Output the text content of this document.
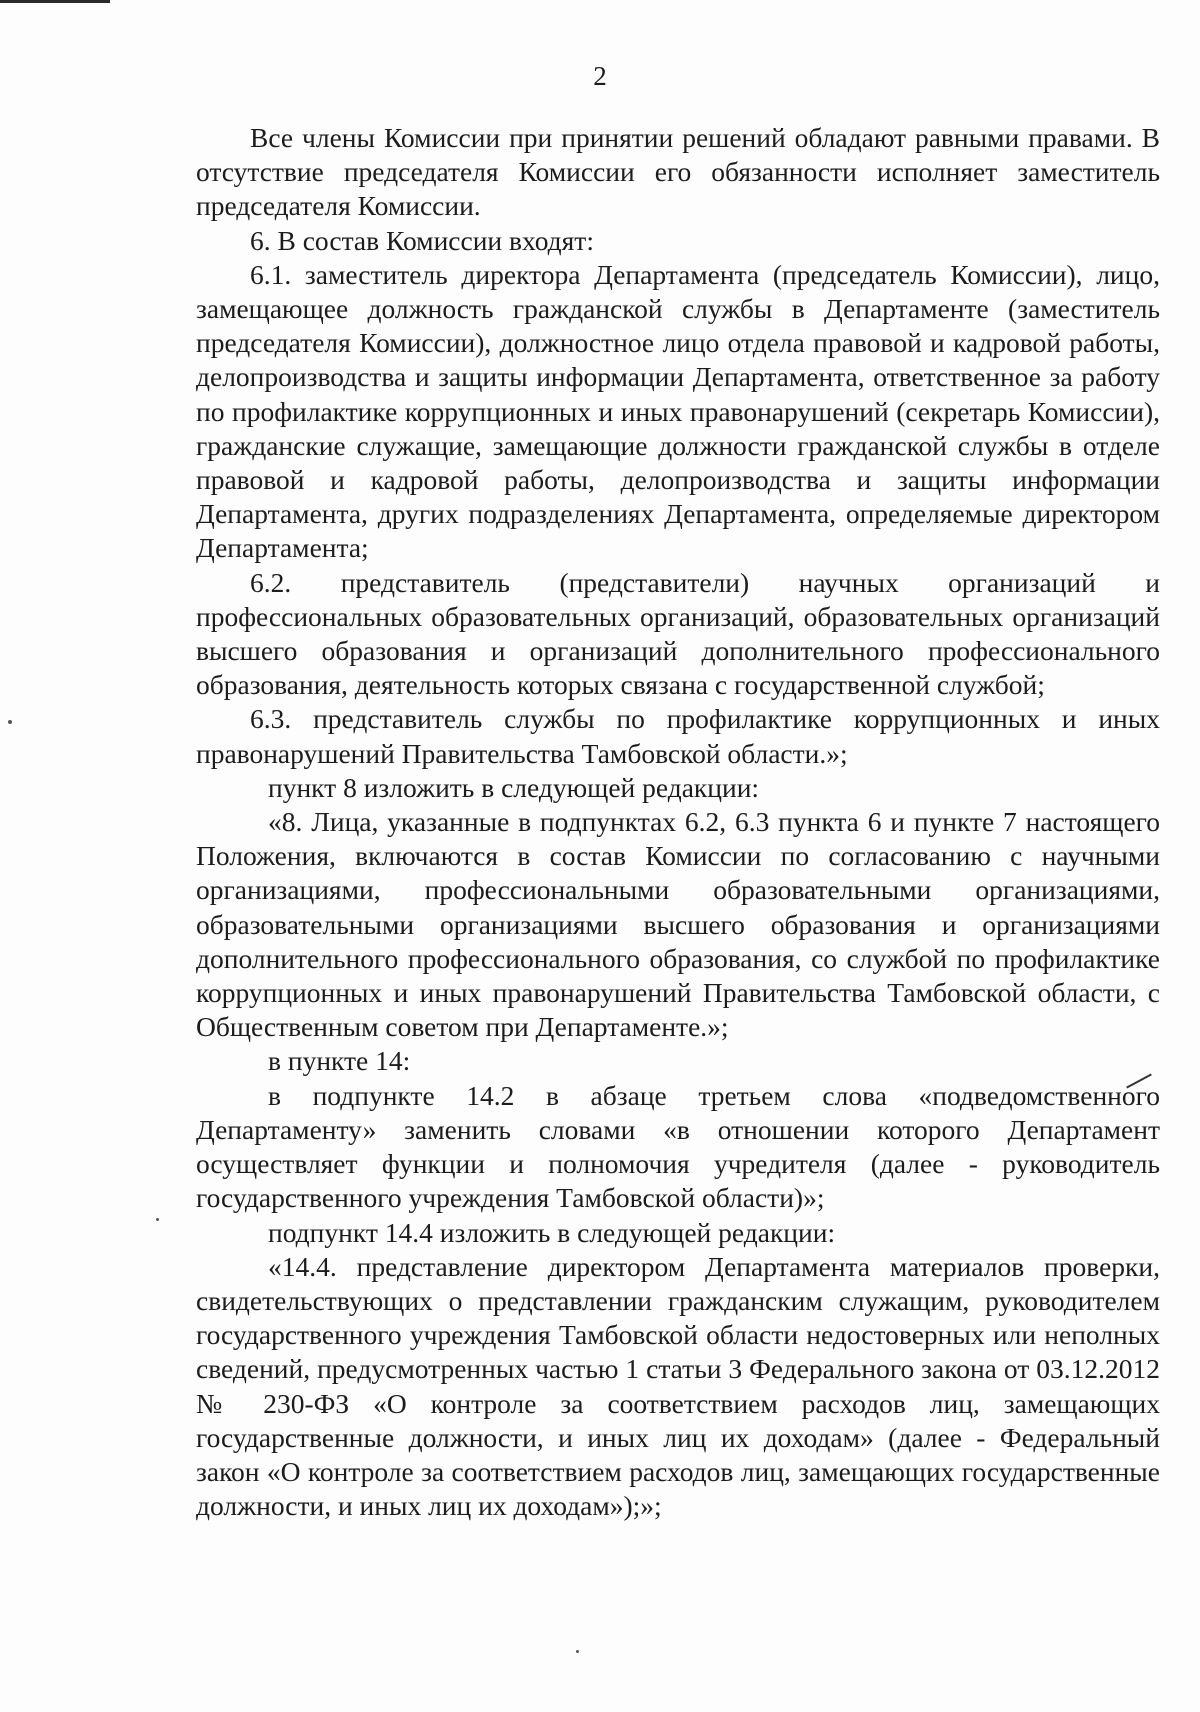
2

Все члены Комиссии при принятии решений обладают равными правами. В отсутствие председателя Комиссии его обязанности исполняет заместитель председателя Комиссии.

6. В состав Комиссии входят:

6.1. заместитель директора Департамента (председатель Комиссии), лицо, замещающее должность гражданской службы в Департаменте (заместитель председателя Комиссии), должностное лицо отдела правовой и кадровой работы, делопроизводства и защиты информации Департамента, ответственное за работу по профилактике коррупционных и иных правонарушений (секретарь Комиссии), гражданские служащие, замещающие должности гражданской службы в отделе правовой и кадровой работы, делопроизводства и защиты информации Департамента, других подразделениях Департамента, определяемые директором Департамента;

6.2. представитель (представители) научных организаций и профессиональных образовательных организаций, образовательных организаций высшего образования и организаций дополнительного профессионального образования, деятельность которых связана с государственной службой;

6.3. представитель службы по профилактике коррупционных и иных правонарушений Правительства Тамбовской области.»;

пункт 8 изложить в следующей редакции:

«8. Лица, указанные в подпунктах 6.2, 6.3 пункта 6 и пункте 7 настоящего Положения, включаются в состав Комиссии по согласованию с научными организациями, профессиональными образовательными организациями, образовательными организациями высшего образования и организациями дополнительного профессионального образования, со службой по профилактике коррупционных и иных правонарушений Правительства Тамбовской области, с Общественным советом при Департаменте.»;

в пункте 14:

в подпункте 14.2 в абзаце третьем слова «подведомственного Департаменту» заменить словами «в отношении которого Департамент осуществляет функции и полномочия учредителя (далее - руководитель государственного учреждения Тамбовской области)»;

подпункт 14.4 изложить в следующей редакции:

«14.4. представление директором Департамента материалов проверки, свидетельствующих о представлении гражданским служащим, руководителем государственного учреждения Тамбовской области недостоверных или неполных сведений, предусмотренных частью 1 статьи 3 Федерального закона от 03.12.2012 № 230-ФЗ «О контроле за соответствием расходов лиц, замещающих государственные должности, и иных лиц их доходам» (далее - Федеральный закон «О контроле за соответствием расходов лиц, замещающих государственные должности, и иных лиц их доходам»);»;
